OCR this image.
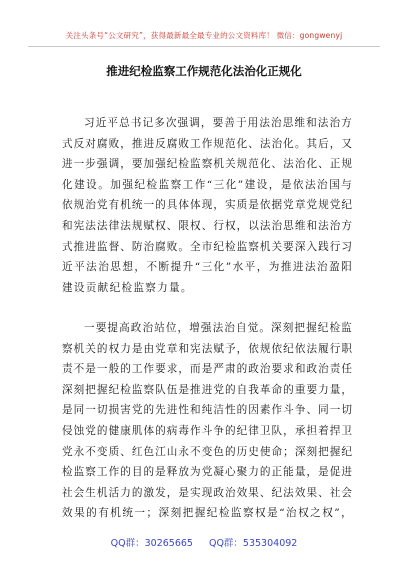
关注头条号“公文研究”，获得最新最全最专业的公文资料库！ 微信：gongwenyj
推进纪检监察工作规范化法治化正规化
习 近 平 总 书 记 多 次 强 调 ， 要 善 于 用 法 治 思 维 和 法 治 方
式 反 对 腐 败 ， 推 进 反 腐 败 工 作 规 范 化 、 法 治 化 。 其 后 ， 又
进 一 步 强 调 ， 要 加 强 纪 检 监 察 机 关 规 范 化 、 法 治 化 、 正 规
化 建 设 。 加 强 纪 检 监 察 工 作 “ 三 化 ” 建 设 ， 是 依 法 治 国 与
依 规 治 党 有 机 统 一 的 具 体 体 现 ， 实 质 是 依 据 党 章 党 规 党 纪
和 宪 法 法 律 法 规 赋 权 、 限 权 、 行 权 ， 以 法 治 思 维 和 法 治 方
式 推 进 监 督 、 防 治 腐 败 。 全 市 纪 检 监 察 机 关 要 深 入 践 行 习
近 平 法 治 思 想 ， 不 断 提 升 “ 三 化 ” 水 平 ， 为 推 进 法 治 盈 阳
建设贡献纪检监察力量。
一 要 提 高 政 治 站 位 ， 增 强 法 治 自 觉 。 深 刻 把 握 纪 检 监
察 机 关 的 权 力 是 由 党 章 和 宪 法 赋 予 ， 依 规 依 纪 依 法 履 行 职
责 不 是 一 般 的 工 作 要 求 ， 而 是 严 肃 的 政 治 要 求 和 政 治 责 任
深 刻 把 握 纪 检 监 察 队 伍 是 推 进 党 的 自 我 革 命 的 重 要 力 量 ，
是 同 一 切 损 害 党 的 先 进 性 和 纯 洁 性 的 因 素 作 斗 争 、 同 一 切
侵 蚀 党 的 健 康 肌 体 的 病 毒 作 斗 争 的 纪 律 卫 队 ， 承 担 着 捍 卫
党 永 不 变 质 、 红 色 江 山 永 不 变 色 的 历 史 使 命 ； 深 刻 把 握 纪
检 监 察 工 作 的 目 的 是 释 放 为 党 凝 心 聚 力 的 正 能 量 ， 是 促 进
社 会 生 机 活 力 的 激 发 ， 是 实 现 政 治 效 果 、 纪 法 效 果 、 社 会
效 果 的 有 机 统 一 ； 深 刻 把 握 纪 检 监 察 权 是 “ 治 权 之 权 ” ，
QQ群：30265665 QQ群：535304092
